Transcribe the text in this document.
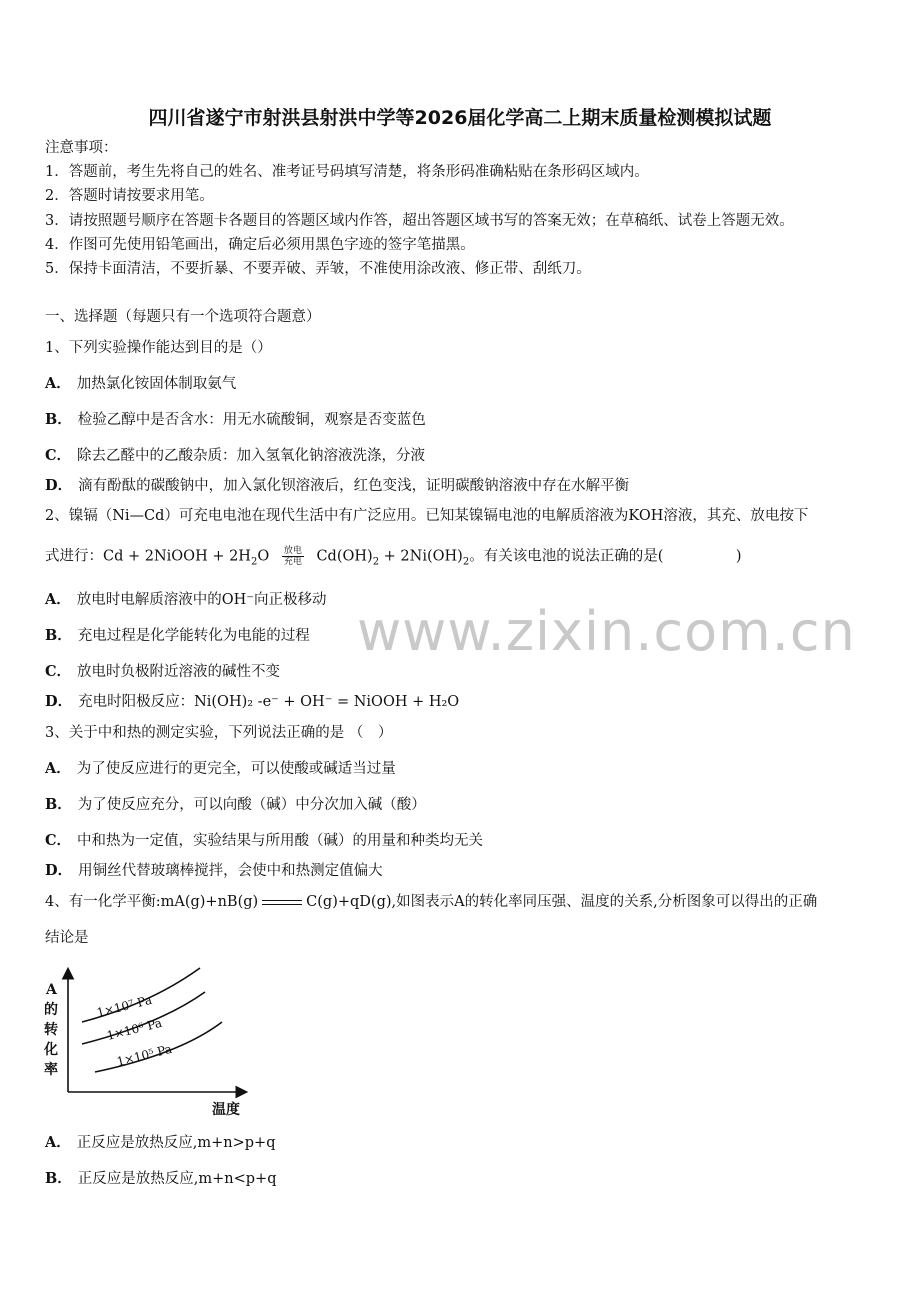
四川省遂宁市射洪县射洪中学等2026届化学高二上期末质量检测模拟试题
注意事项：
1．答题前，考生先将自己的姓名、准考证号码填写清楚，将条形码准确粘贴在条形码区域内。
2．答题时请按要求用笔。
3．请按照题号顺序在答题卡各题目的答题区域内作答，超出答题区域书写的答案无效；在草稿纸、试卷上答题无效。
4．作图可先使用铅笔画出，确定后必须用黑色字迹的签字笔描黑。
5．保持卡面清洁，不要折暴、不要弄破、弄皱，不准使用涂改液、修正带、刮纸刀。
一、选择题（每题只有一个选项符合题意）
1、下列实验操作能达到目的是（）
A． 加热氯化铵固体制取氨气
B． 检验乙醇中是否含水：用无水硫酸铜，观察是否变蓝色
C． 除去乙醛中的乙酸杂质：加入氢氧化钠溶液洗涤，分液
D． 滴有酚酞的碳酸钠中，加入氯化钡溶液后，红色变浅，证明碳酸钠溶液中存在水解平衡
2、镍镉（Ni—Cd）可充电电池在现代生活中有广泛应用。已知某镍镉电池的电解质溶液为KOH溶液，其充、放电按下
式进行：Cd + 2NiOOH + $2H_2O \frac{\text{放电}}{\text{充电}} Cd(OH)_2 + 2Ni(OH)_2$。有关该电池的说法正确的是(　　　　　)
A． 放电时电解质溶液中的OH⁻向正极移动
B． 充电过程是化学能转化为电能的过程
C． 放电时负极附近溶液的碱性不变
D． 充电时阳极反应：Ni(OH)₂ -e⁻ + OH⁻ = NiOOH + H₂O
3、关于中和热的测定实验，下列说法正确的是 （　）
A． 为了使反应进行的更完全，可以使酸或碱适当过量
B． 为了使反应充分，可以向酸（碱）中分次加入碱（酸）
C． 中和热为一定值，实验结果与所用酸（碱）的用量和种类均无关
D． 用铜丝代替玻璃棒搅拌，会使中和热测定值偏大
4、有一化学平衡:mA(g)+nB(g)	C(g)+qD(g),如图表示A的转化率同压强、温度的关系,分析图象可以得出的正确
结论是
A
的
转
化
率
温度
1×10⁷ Pa
1×10⁶ Pa
1×10⁵ Pa
A． 正反应是放热反应,m+n>p+q
B． 正反应是放热反应,m+n<p+q
www.zixin.com.cn
